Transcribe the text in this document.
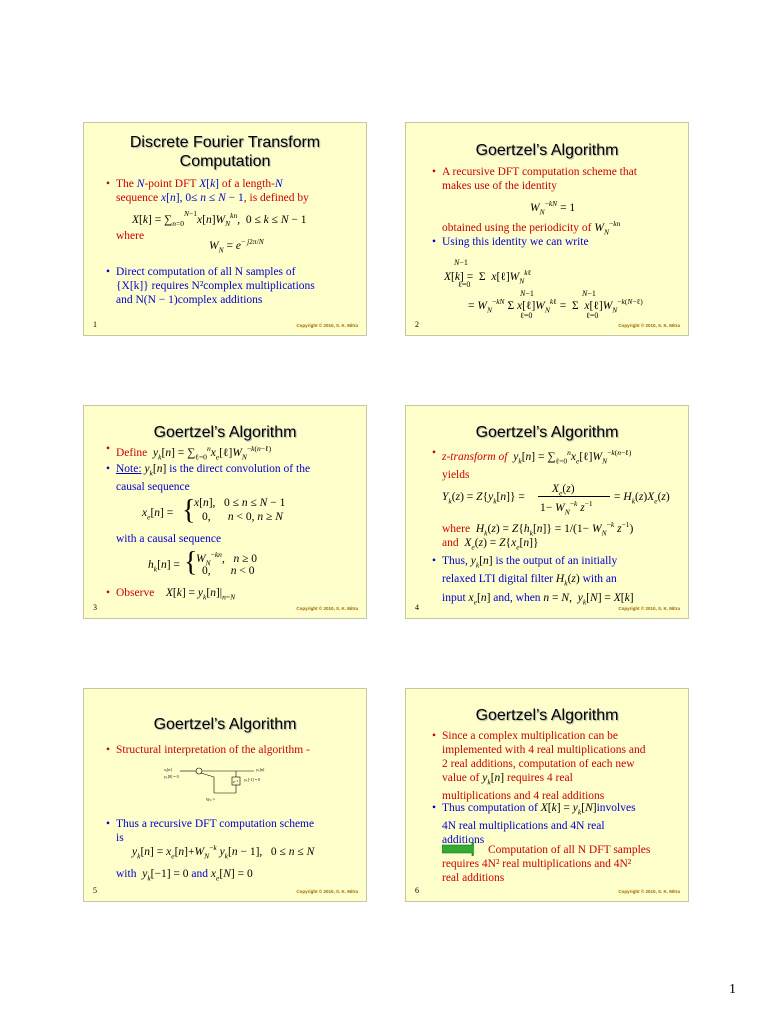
Discrete Fourier Transform
Computation
• The N-point DFT X[k] of a length-N
sequence x[n], 0≤ n ≤ N − 1, is defined by
$X[k] = \sum_{n=0}^{N-1}x[n]W_N^{kn}$,  0 ≤ k ≤ N − 1
where
$W_N = e^{- j2\pi/N}$
• Direct computation of all N samples of
{X[k]} requires N²complex multiplications
and N(N − 1)complex additions
1	Copyright © 2010, S. K. Mitra
Goertzel’s Algorithm
• A recursive DFT computation scheme that
makes use of the identity
$W_N^{-kN} = 1$
obtained using the periodicity of $W_N^{-kn}$
• Using this identity we can write
N−1
X[k] =  Σ  $x[\ell]W_N^{k\ell}$
ℓ=0
N−1	N−1
= $W_N^{-kN}$ Σ $x[\ell]W_N^{k\ell} = \Sigma$  $x[\ell]W_N^{-k(N-\ell)}$
ℓ=0	ℓ=0
2	Copyright © 2010, S. K. Mitra
Goertzel’s Algorithm
• Define $y_k[n]$ = $\sum_{\ell=0}^nx_e[\ell]W_N^{-k(n-\ell)}$
• Note: $y_k[n]$ is the direct convolution of the
causal sequence
$x_e[n]$ = {
x[n],   0 ≤ n ≤ N − 1
0,      n < 0, n ≥ N
with a causal sequence
$h_k[n]$ = {
$W_N^{-kn}$,   n ≥ 0
0,       n < 0
• Observe $X[k] = y_k[n]|_{n=N}$
3	Copyright © 2010, S. K. Mitra
Goertzel’s Algorithm
• z-transform of $y_k[n]$ = $\sum_{\ell=0}^nx_e[\ell]W_N^{-k(n-\ell)}$
yields
$Y_k(z) = Z\{y_k[n]\}$ =
$X_e(z)$
$1- W_N^{-k}$ $z^{-1}$
= $H_k(z)X_e(z)$
where $H_k(z) = Z\{h_k[n]\} = 1/(1- W_N^{-k}$ $z^{-1}$)
and $X_e(z) = Z\{x_e[n]\}$
• Thus, $y_k[n]$ is the output of an initially
relaxed LTI digital filter $H_k(z)$ with an
input $x_e[n]$ and, when n = N,  $y_k[N] = X[k]$
4	Copyright © 2010, S. K. Mitra
Goertzel’s Algorithm
• Structural interpretation of the algorithm -
xₑ[n]
yₖ[0] = 0
z⁻¹
Wₙ⁻ᵏ
yₖ[n]
yₖ[-1] = 0
• Thus a recursive DFT computation scheme
is
$y_k[n] = x_e[n]+W_N^{-k}$ $y_k[n - 1]$,   0 ≤ n ≤ N
with $y_k[-1] = 0$ and $x_e[N] = 0$
5	Copyright © 2010, S. K. Mitra
Goertzel’s Algorithm
• Since a complex multiplication can be
implemented with 4 real multiplications and
2 real additions, computation of each new
value of $y_k[n]$ requires 4 real
multiplications and 4 real additions
• Thus computation of $X[k] = y_k[N]involves$
4N real multiplications and 4N real
additions
Computation of all N DFT samples
requires 4N² real multiplications and 4N²
real additions
6	Copyright © 2010, S. K. Mitra
1
